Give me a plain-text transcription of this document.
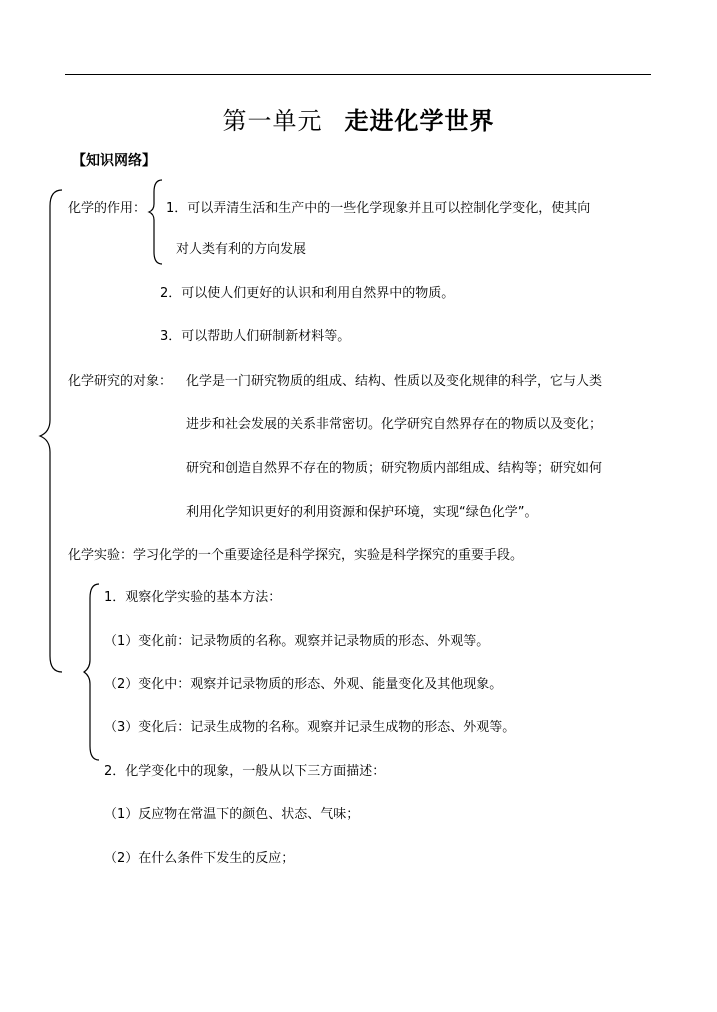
第一单元 走进化学世界
【知识网络】
化学的作用： 1．可以弄清生活和生产中的一些化学现象并且可以控制化学变化，使其向
对人类有利的方向发展
2．可以使人们更好的认识和利用自然界中的物质。
3．可以帮助人们研制新材料等。
化学研究的对象： 化学是一门研究物质的组成、结构、性质以及变化规律的科学，它与人类
进步和社会发展的关系非常密切。化学研究自然界存在的物质以及变化；
研究和创造自然界不存在的物质；研究物质内部组成、结构等；研究如何
利用化学知识更好的利用资源和保护环境，实现“绿色化学”。
化学实验：学习化学的一个重要途径是科学探究，实验是科学探究的重要手段。
1．观察化学实验的基本方法：
（1）变化前：记录物质的名称。观察并记录物质的形态、外观等。
（2）变化中：观察并记录物质的形态、外观、能量变化及其他现象。
（3）变化后：记录生成物的名称。观察并记录生成物的形态、外观等。
2．化学变化中的现象，一般从以下三方面描述：
（1）反应物在常温下的颜色、状态、气味；
（2）在什么条件下发生的反应；
